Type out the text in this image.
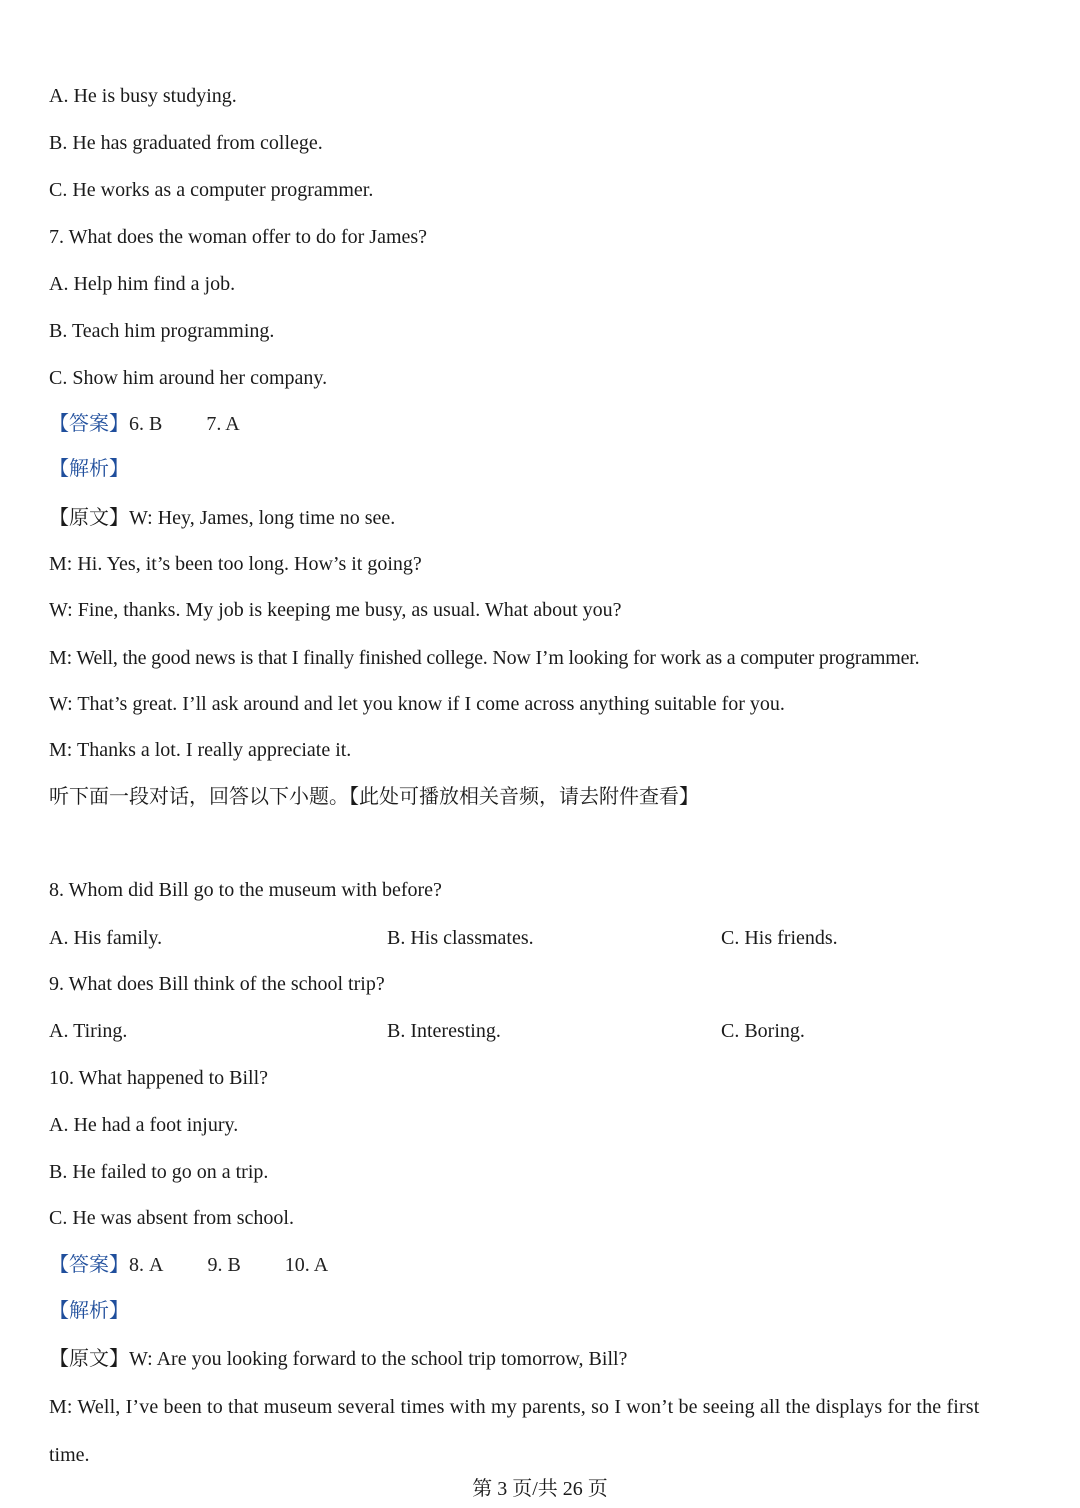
A. He is busy studying.
B. He has graduated from college.
C. He works as a computer programmer.
7. What does the woman offer to do for James?
A. Help him find a job.
B. Teach him programming.
C. Show him around her company.
【答案】6. B 7. A
【解析】
【原文】W: Hey, James, long time no see.
M: Hi. Yes, it’s been too long. How’s it going?
W: Fine, thanks. My job is keeping me busy, as usual. What about you?
M: Well, the good news is that I finally finished college. Now I’m looking for work as a computer programmer.
W: That’s great. I’ll ask around and let you know if I come across anything suitable for you.
M: Thanks a lot. I really appreciate it.
听下面一段对话，回答以下小题。【此处可播放相关音频，请去附件查看】
8. Whom did Bill go to the museum with before?
A. His family.	B. His classmates.	C. His friends.
9. What does Bill think of the school trip?
A. Tiring.	B. Interesting.	C. Boring.
10. What happened to Bill?
A. He had a foot injury.
B. He failed to go on a trip.
C. He was absent from school.
【答案】8. A 9. B 10. A
【解析】
【原文】W: Are you looking forward to the school trip tomorrow, Bill?
M: Well, I’ve been to that museum several times with my parents, so I won’t be seeing all the displays for the first
time.
第 3 页/共 26 页
